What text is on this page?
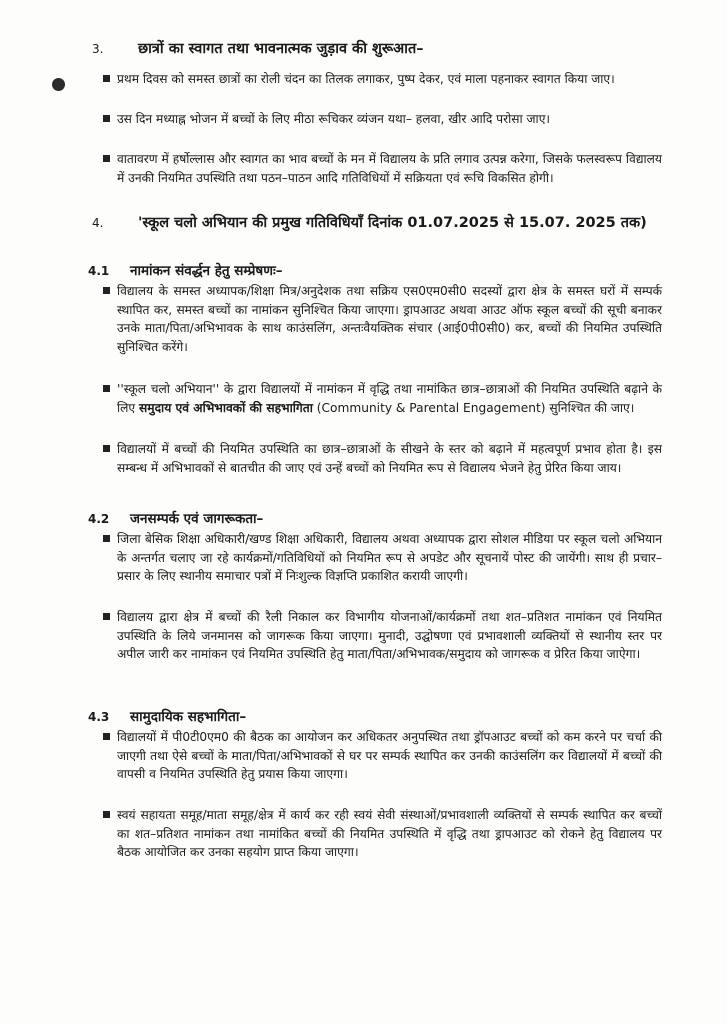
3. छात्रों का स्वागत तथा भावनात्मक जुड़ाव की शुरूआत–

प्रथम दिवस को समस्त छात्रों का रोली चंदन का तिलक लगाकर, पुष्प देकर, एवं माला पहनाकर स्वागत किया जाए।

उस दिन मध्याह्न भोजन में बच्चों के लिए मीठा रूचिकर व्यंजन यथा– हलवा, खीर आदि परोसा जाए।

वातावरण में हर्षोल्लास और स्वागत का भाव बच्चों के मन में विद्यालय के प्रति लगाव उत्पन्न करेगा, जिसके फलस्वरूप विद्यालय में उनकी नियमित उपस्थिति तथा पठन–पाठन आदि गतिविधियों में सक्रियता एवं रूचि विकसित होगी।

4. 'स्कूल चलो अभियान की प्रमुख गतिविधियाँ दिनांक 01.07.2025 से 15.07. 2025 तक)
4.1 नामांकन संवर्द्धन हेतु सम्प्रेषणः–

विद्यालय के समस्त अध्यापक/शिक्षा मित्र/अनुदेशक तथा सक्रिय एस0एम0सी0 सदस्यों द्वारा क्षेत्र के समस्त घरों में सम्पर्क स्थापित कर, समस्त बच्चों का नामांकन सुनिश्चित किया जाएगा। ड्रापआउट अथवा आउट ऑफ स्कूल बच्चों की सूची बनाकर उनके माता/पिता/अभिभावक के साथ काउंसलिंग, अन्तःवैयक्तिक संचार (आई0पी0सी0) कर, बच्चों की नियमित उपस्थिति सुनिश्चित करेंगे।

''स्कूल चलो अभियान'' के द्वारा विद्यालयों में नामांकन में वृद्धि तथा नामांकित छात्र–छात्राओं की नियमित उपस्थिति बढ़ाने के लिए समुदाय एवं अभिभावकों की सहभागिता (Community & Parental Engagement) सुनिश्चित की जाए।

विद्यालयों में बच्चों की नियमित उपस्थिति का छात्र–छात्राओं के सीखने के स्तर को बढ़ाने में महत्वपूर्ण प्रभाव होता है। इस सम्बन्ध में अभिभावकों से बातचीत की जाए एवं उन्हें बच्चों को नियमित रूप से विद्यालय भेजने हेतु प्रेरित किया जाय।

4.2 जनसम्पर्क एवं जागरूकता–

जिला बेसिक शिक्षा अधिकारी/खण्ड शिक्षा अधिकारी, विद्यालय अथवा अध्यापक द्वारा सोशल मीडिया पर स्कूल चलो अभियान के अन्तर्गत चलाए जा रहे कार्यक्रमों/गतिविधियों को नियमित रूप से अपडेट और सूचनायें पोस्ट की जायेंगी। साथ ही प्रचार–प्रसार के लिए स्थानीय समाचार पत्रों में निःशुल्क विज्ञप्ति प्रकाशित करायी जाएगी।

विद्यालय द्वारा क्षेत्र में बच्चों की रैली निकाल कर विभागीय योजनाओं/कार्यक्रमों तथा शत–प्रतिशत नामांकन एवं नियमित उपस्थिति के लिये जनमानस को जागरूक किया जाएगा। मुनादी, उद्घोषणा एवं प्रभावशाली व्यक्तियों से स्थानीय स्तर पर अपील जारी कर नामांकन एवं नियमित उपस्थिति हेतु माता/पिता/अभिभावक/समुदाय को जागरूक व प्रेरित किया जाऐगा।

4.3 सामुदायिक सहभागिता–

विद्यालयों में पी0टी0एम0 की बैठक का आयोजन कर अधिकतर अनुपस्थित तथा ड्रॉपआउट बच्चों को कम करने पर चर्चा की जाएगी तथा ऐसे बच्चों के माता/पिता/अभिभावकों से घर पर सम्पर्क स्थापित कर उनकी काउंसलिंग कर विद्यालयों में बच्चों की वापसी व नियमित उपस्थिति हेतु प्रयास किया जाएगा।

स्वयं सहायता समूह/माता समूह/क्षेत्र में कार्य कर रही स्वयं सेवी संस्थाओं/प्रभावशाली व्यक्तियों से सम्पर्क स्थापित कर बच्चों का शत–प्रतिशत नामांकन तथा नामांकित बच्चों की नियमित उपस्थिति में वृद्धि तथा ड्रापआउट को रोकने हेतु विद्यालय पर बैठक आयोजित कर उनका सहयोग प्राप्त किया जाएगा।
